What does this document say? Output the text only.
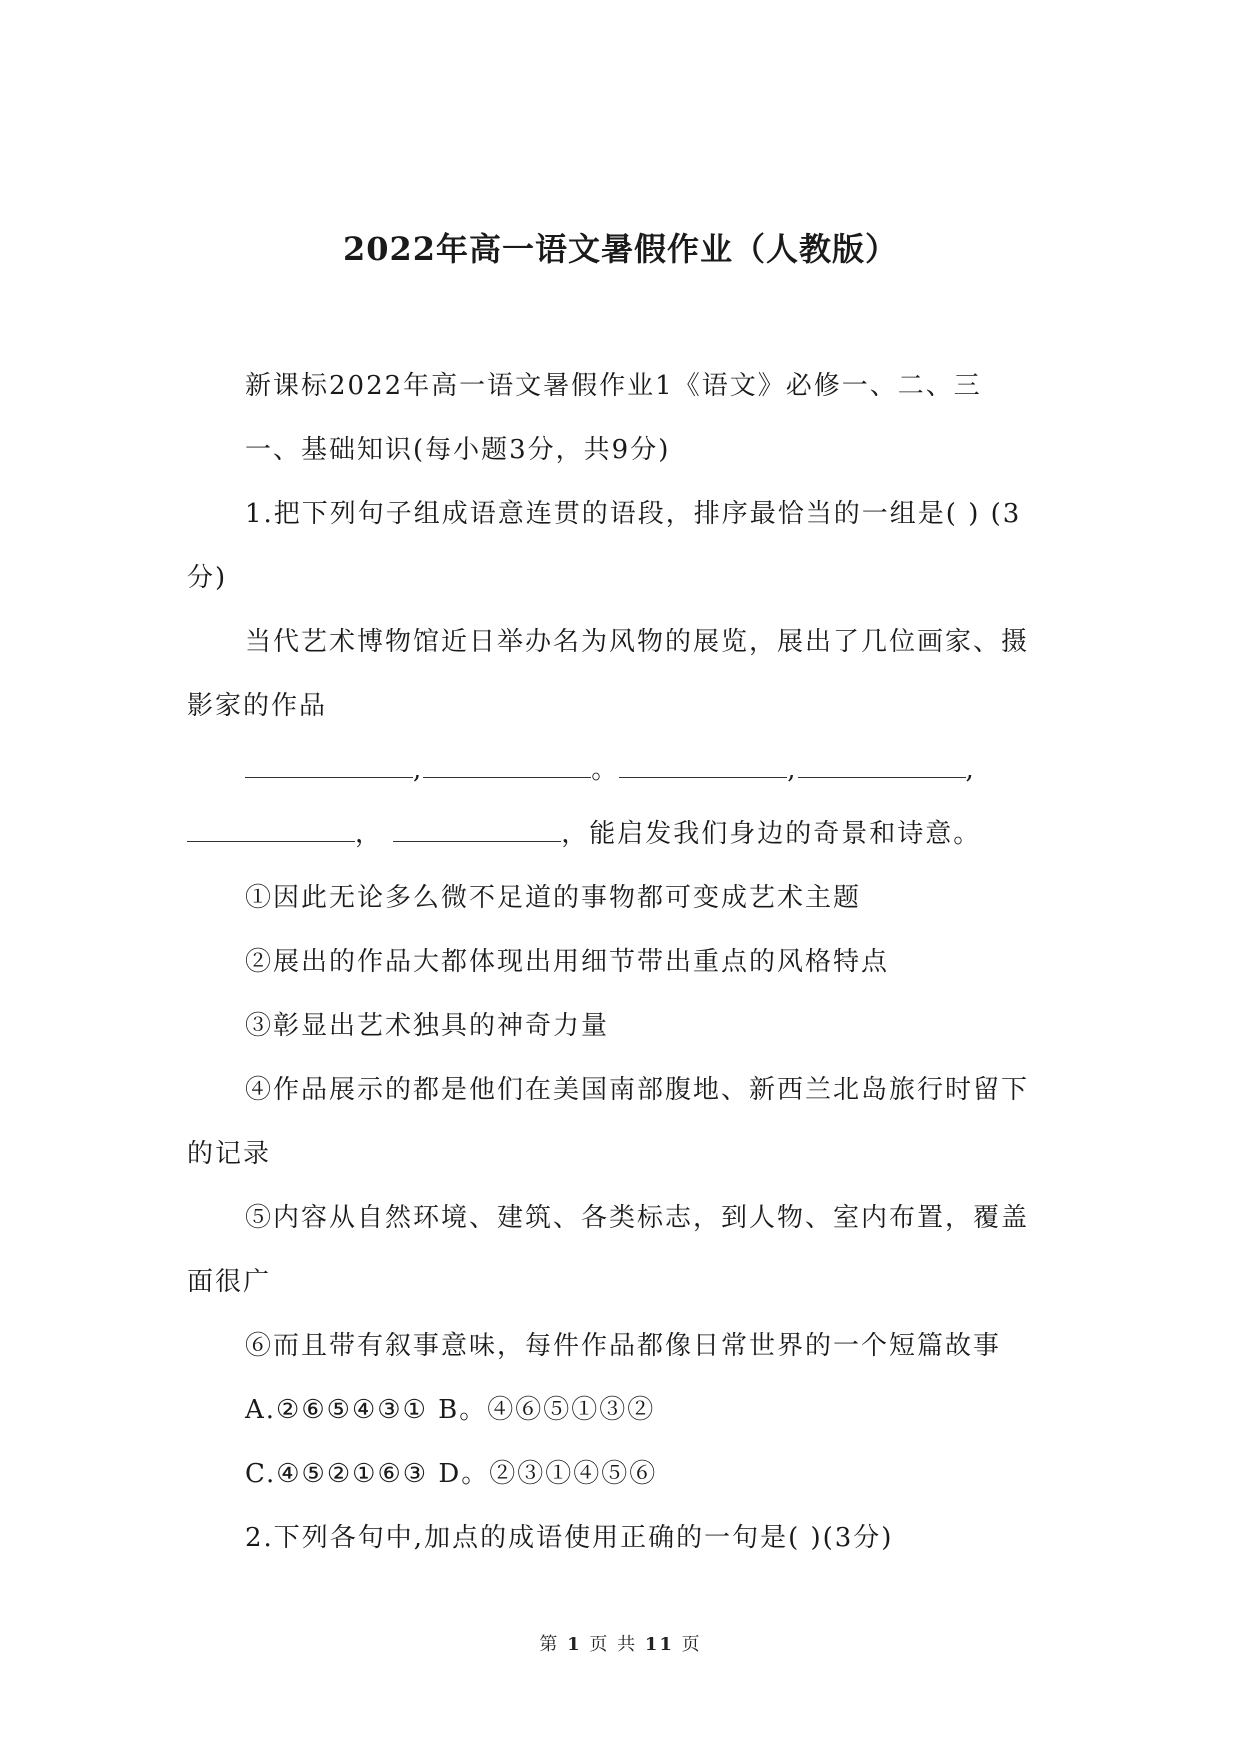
2022年高一语文暑假作业（人教版）

新课标2022年高一语文暑假作业1《语文》必修一、二、三

一、基础知识(每小题3分，共9分)

1.把下列句子组成语意连贯的语段，排序最恰当的一组是( ) (3分)

当代艺术博物馆近日举办名为风物的展览，展出了几位画家、摄影家的作品

,	。	,	, ，	，能启发我们身边的奇景和诗意。

①因此无论多么微不足道的事物都可变成艺术主题

②展出的作品大都体现出用细节带出重点的风格特点

③彰显出艺术独具的神奇力量

④作品展示的都是他们在美国南部腹地、新西兰北岛旅行时留下的记录

⑤内容从自然环境、建筑、各类标志，到人物、室内布置，覆盖面很广

⑥而且带有叙事意味，每件作品都像日常世界的一个短篇故事

A.②⑥⑤④③① B。④⑥⑤①③②

C.④⑤②①⑥③ D。②③①④⑤⑥

2.下列各句中,加点的成语使用正确的一句是( )(3分)

第 1 页 共 11 页
